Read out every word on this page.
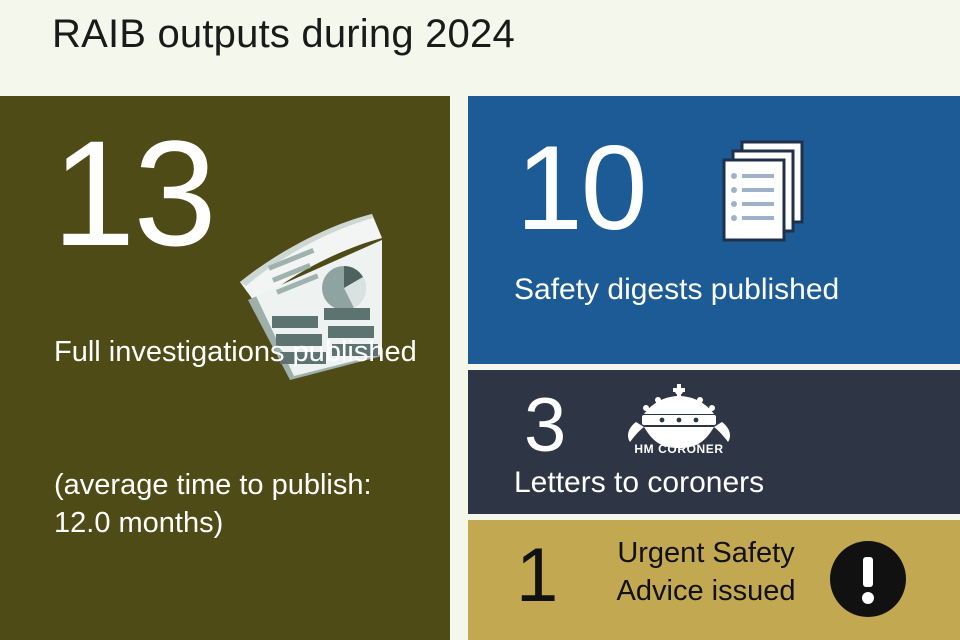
RAIB outputs during 2024
13
Full investigations published
(average time to publish: 12.0 months)
10
Safety digests published
3	HM CORONER
Letters to coroners
1	Urgent Safety Advice issued
